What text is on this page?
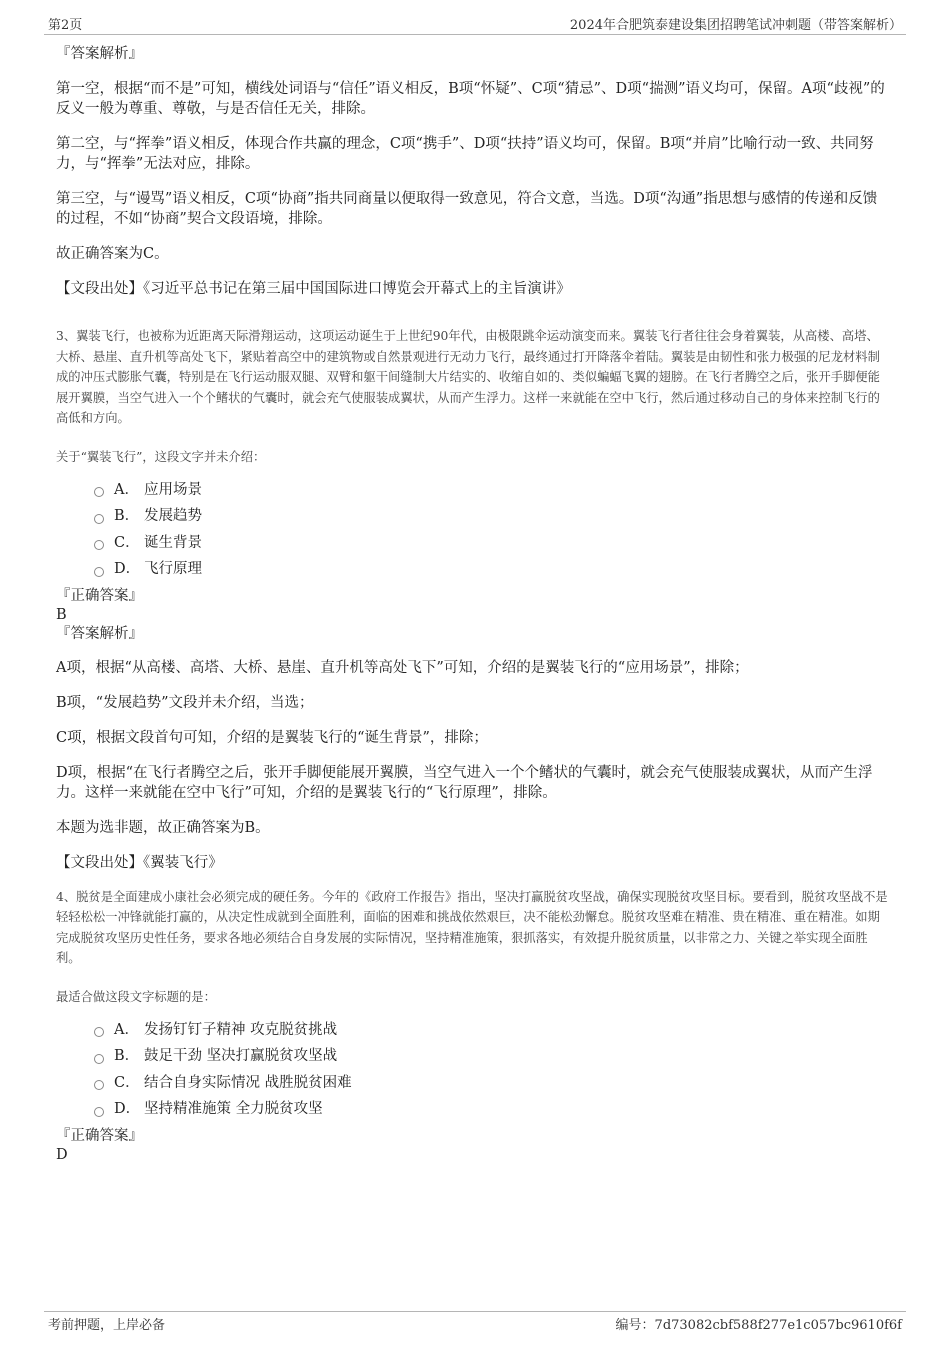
第2页	2024年合肥筑泰建设集团招聘笔试冲刺题（带答案解析）

『答案解析』

第一空，根据“而不是”可知，横线处词语与“信任”语义相反，B项“怀疑”、C项“猜忌”、D项“揣测”语义均可，保留。A项“歧视”的反义一般为尊重、尊敬，与是否信任无关，排除。

第二空，与“挥拳”语义相反，体现合作共赢的理念，C项“携手”、D项“扶持”语义均可，保留。B项“并肩”比喻行动一致、共同努力，与“挥拳”无法对应，排除。

第三空，与“谩骂”语义相反，C项“协商”指共同商量以便取得一致意见，符合文意，当选。D项“沟通”指思想与感情的传递和反馈的过程，不如“协商”契合文段语境，排除。

故正确答案为C。

【文段出处】《习近平总书记在第三届中国国际进口博览会开幕式上的主旨演讲》

3、翼装飞行，也被称为近距离天际滑翔运动，这项运动诞生于上世纪90年代，由极限跳伞运动演变而来。翼装飞行者往往会身着翼装，从高楼、高塔、大桥、悬崖、直升机等高处飞下，紧贴着高空中的建筑物或自然景观进行无动力飞行，最终通过打开降落伞着陆。翼装是由韧性和张力极强的尼龙材料制成的冲压式膨胀气囊，特别是在飞行运动服双腿、双臂和躯干间缝制大片结实的、收缩自如的、类似蝙蝠飞翼的翅膀。在飞行者腾空之后，张开手脚便能展开翼膜，当空气进入一个个鳍状的气囊时，就会充气使服装成翼状，从而产生浮力。这样一来就能在空中飞行，然后通过移动自己的身体来控制飞行的高低和方向。

关于“翼装飞行”，这段文字并未介绍：

A． 应用场景
B． 发展趋势
C． 诞生背景
D． 飞行原理

『正确答案』

B

『答案解析』

A项，根据“从高楼、高塔、大桥、悬崖、直升机等高处飞下”可知，介绍的是翼装飞行的“应用场景”，排除；

B项，“发展趋势”文段并未介绍，当选；

C项，根据文段首句可知，介绍的是翼装飞行的“诞生背景”，排除；

D项，根据“在飞行者腾空之后，张开手脚便能展开翼膜，当空气进入一个个鳍状的气囊时，就会充气使服装成翼状，从而产生浮力。这样一来就能在空中飞行”可知，介绍的是翼装飞行的“飞行原理”，排除。

本题为选非题，故正确答案为B。

【文段出处】《翼装飞行》

4、脱贫是全面建成小康社会必须完成的硬任务。今年的《政府工作报告》指出，坚决打赢脱贫攻坚战，确保实现脱贫攻坚目标。要看到，脱贫攻坚战不是轻轻松松一冲锋就能打赢的，从决定性成就到全面胜利，面临的困难和挑战依然艰巨，决不能松劲懈怠。脱贫攻坚难在精准、贵在精准、重在精准。如期完成脱贫攻坚历史性任务，要求各地必须结合自身发展的实际情况，坚持精准施策，狠抓落实，有效提升脱贫质量，以非常之力、关键之举实现全面胜利。

最适合做这段文字标题的是：

A． 发扬钉钉子精神 攻克脱贫挑战
B． 鼓足干劲 坚决打赢脱贫攻坚战
C． 结合自身实际情况 战胜脱贫困难
D． 坚持精准施策 全力脱贫攻坚

『正确答案』

D

考前押题，上岸必备	编号：7d73082cbf588f277e1c057bc9610f6f
